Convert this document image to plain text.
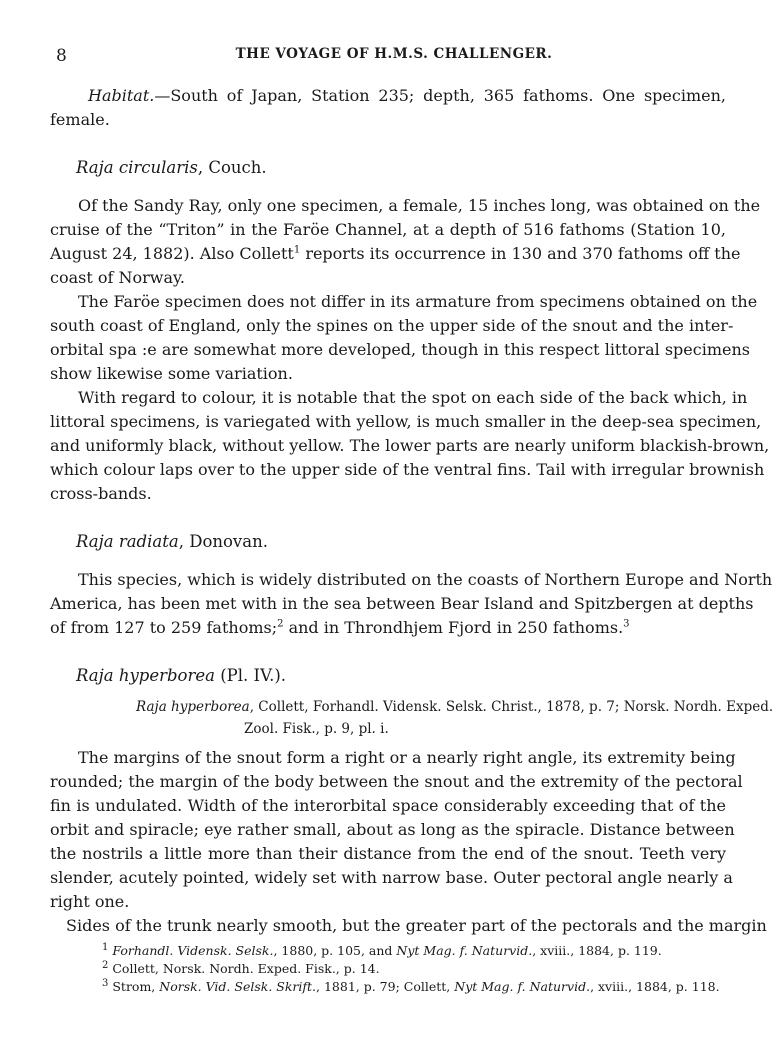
8	THE VOYAGE OF H.M.S. CHALLENGER.
Habitat.—South of Japan, Station 235; depth, 365 fathoms. One specimen,
female.
Raja circularis, Couch.
Of the Sandy Ray, only one specimen, a female, 15 inches long, was obtained on the
cruise of the “Triton” in the Faröe Channel, at a depth of 516 fathoms (Station 10,
August 24, 1882). Also Collett$^1$ reports its occurrence in 130 and 370 fathoms off the
coast of Norway.
The Faröe specimen does not differ in its armature from specimens obtained on the
south coast of England, only the spines on the upper side of the snout and the inter-
orbital spa :e are somewhat more developed, though in this respect littoral specimens
show likewise some variation.
With regard to colour, it is notable that the spot on each side of the back which, in
littoral specimens, is variegated with yellow, is much smaller in the deep-sea specimen,
and uniformly black, without yellow. The lower parts are nearly uniform blackish-brown,
which colour laps over to the upper side of the ventral fins. Tail with irregular brownish
cross-bands.
Raja radiata, Donovan.
This species, which is widely distributed on the coasts of Northern Europe and North
America, has been met with in the sea between Bear Island and Spitzbergen at depths
of from 127 to 259 fathoms;$^2$ and in Throndhjem Fjord in 250 fathoms.$^3$
Raja hyperborea (Pl. IV.).
Raja hyperborea, Collett, Forhandl. Vidensk. Selsk. Christ., 1878, p. 7; Norsk. Nordh. Exped.
Zool. Fisk., p. 9, pl. i.
The margins of the snout form a right or a nearly right angle, its extremity being
rounded; the margin of the body between the snout and the extremity of the pectoral
fin is undulated. Width of the interorbital space considerably exceeding that of the
orbit and spiracle; eye rather small, about as long as the spiracle. Distance between
the nostrils a little more than their distance from the end of the snout. Teeth very
slender, acutely pointed, widely set with narrow base. Outer pectoral angle nearly a
right one.
Sides of the trunk nearly smooth, but the greater part of the pectorals and the margin
$^1$ Forhandl. Vidensk. Selsk., 1880, p. 105, and Nyt Mag. f. Naturvid., xviii., 1884, p. 119.
$^2$ Collett, Norsk. Nordh. Exped. Fisk., p. 14.
$^3$ Strom, Norsk. Vid. Selsk. Skrift., 1881, p. 79; Collett, Nyt Mag. f. Naturvid., xviii., 1884, p. 118.
